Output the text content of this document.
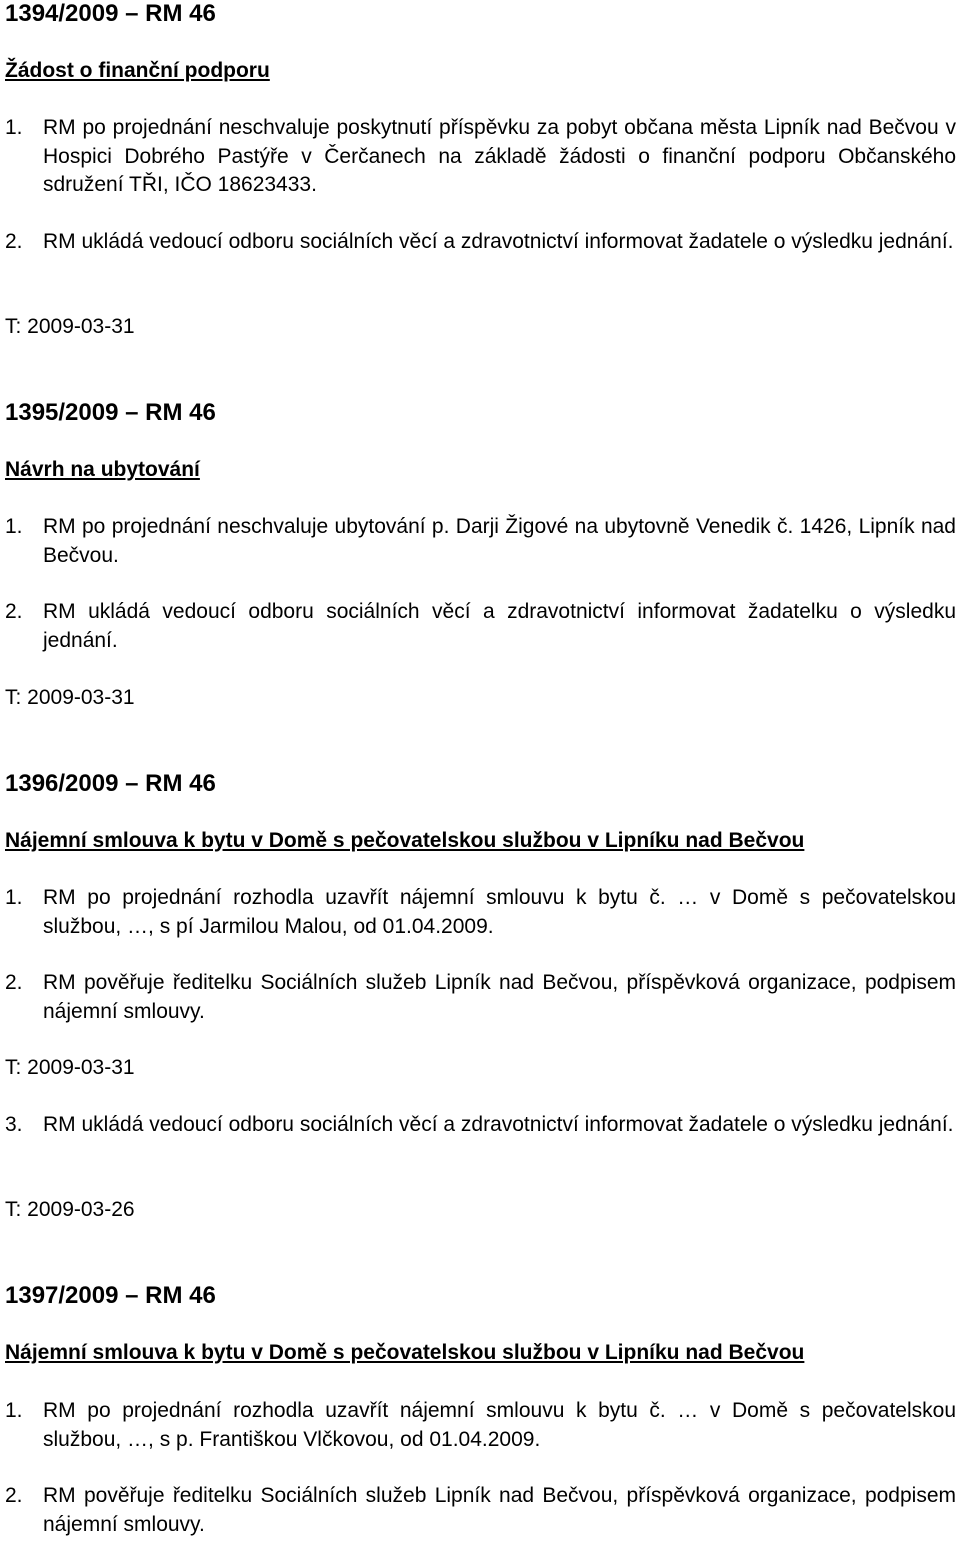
1394/2009 – RM 46
Žádost o finanční podporu
1. RM po projednání neschvaluje poskytnutí příspěvku za pobyt občana města Lipník nad Bečvou v Hospici Dobrého Pastýře v Čerčanech na základě žádosti o finanční podporu Občanského sdružení TŘI, IČO 18623433.
2. RM ukládá vedoucí odboru sociálních věcí a zdravotnictví informovat žadatele o výsledku jednání.

T: 2009-03-31

1395/2009 – RM 46
Návrh na ubytování
1. RM po projednání neschvaluje ubytování p. Darji Žigové na ubytovně Venedik č. 1426, Lipník nad Bečvou.
2. RM ukládá vedoucí odboru sociálních věcí a zdravotnictví informovat žadatelku o výsledku jednání.

T: 2009-03-31

1396/2009 – RM 46
Nájemní smlouva k bytu v Domě s pečovatelskou službou v Lipníku nad Bečvou
1. RM po projednání rozhodla uzavřít nájemní smlouvu k bytu č. … v Domě s pečovatelskou službou, …, s pí Jarmilou Malou, od 01.04.2009.
2. RM pověřuje ředitelku Sociálních služeb Lipník nad Bečvou, příspěvková organizace, podpisem nájemní smlouvy.

T: 2009-03-31

3. RM ukládá vedoucí odboru sociálních věcí a zdravotnictví informovat žadatele o výsledku jednání.

T: 2009-03-26

1397/2009 – RM 46
Nájemní smlouva k bytu v Domě s pečovatelskou službou v Lipníku nad Bečvou
1. RM po projednání rozhodla uzavřít nájemní smlouvu k bytu č. … v Domě s pečovatelskou službou, …, s p. Františkou Vlčkovou, od 01.04.2009.
2. RM pověřuje ředitelku Sociálních služeb Lipník nad Bečvou, příspěvková organizace, podpisem nájemní smlouvy.
